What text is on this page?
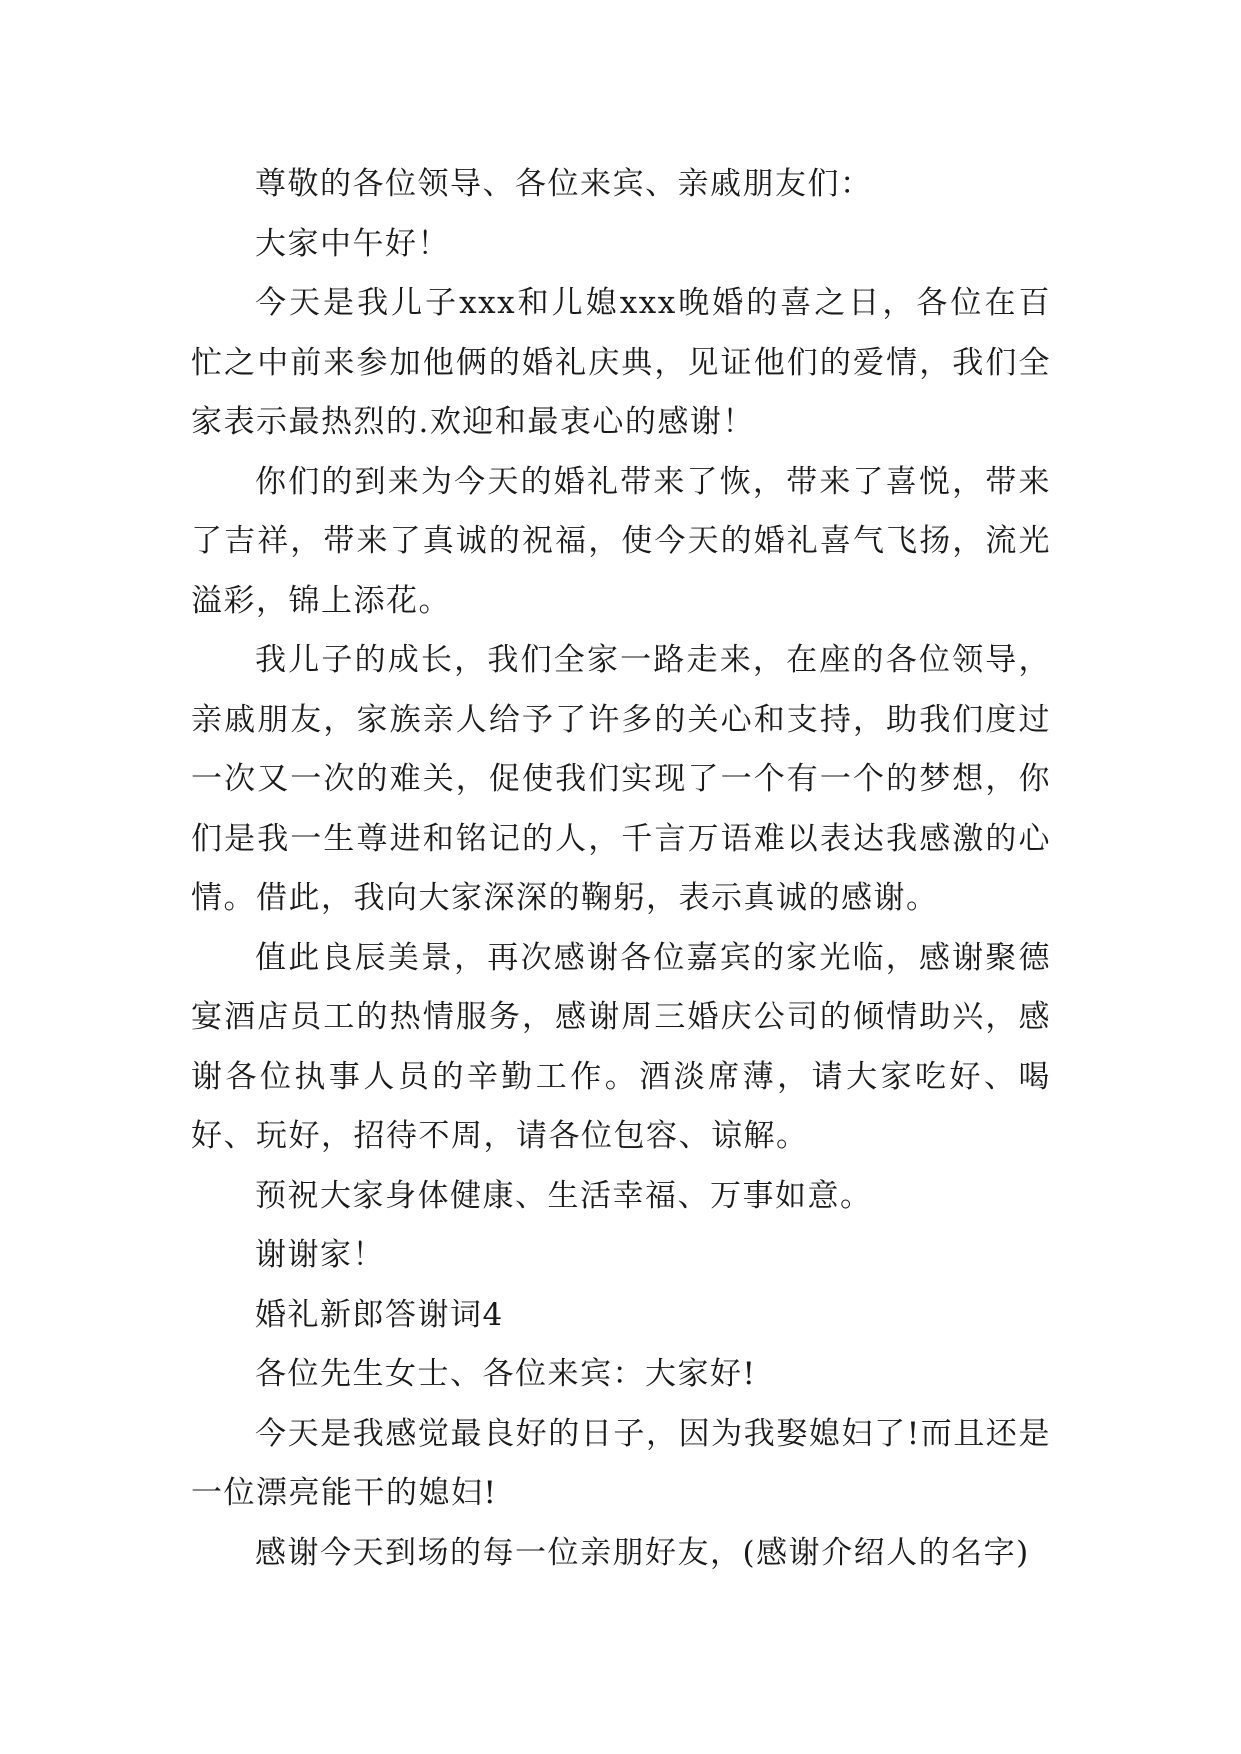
尊敬的各位领导、各位来宾、亲戚朋友们：

大家中午好！

今天是我儿子xxx和儿媳xxx晚婚的喜之日，各位在百忙之中前来参加他俩的婚礼庆典，见证他们的爱情，我们全家表示最热烈的.欢迎和最衷心的感谢！

你们的到来为今天的婚礼带来了恢，带来了喜悦，带来了吉祥，带来了真诚的祝福，使今天的婚礼喜气飞扬，流光溢彩，锦上添花。

我儿子的成长，我们全家一路走来，在座的各位领导，亲戚朋友，家族亲人给予了许多的关心和支持，助我们度过一次又一次的难关，促使我们实现了一个有一个的梦想，你们是我一生尊进和铭记的人，千言万语难以表达我感激的心情。借此，我向大家深深的鞠躬，表示真诚的感谢。

值此良辰美景，再次感谢各位嘉宾的家光临，感谢聚德宴酒店员工的热情服务，感谢周三婚庆公司的倾情助兴，感谢各位执事人员的辛勤工作。酒淡席薄，请大家吃好、喝好、玩好，招待不周，请各位包容、谅解。

预祝大家身体健康、生活幸福、万事如意。

谢谢家！

婚礼新郎答谢词4

各位先生女士、各位来宾：大家好!

今天是我感觉最良好的日子，因为我娶媳妇了!而且还是一位漂亮能干的媳妇!

感谢今天到场的每一位亲朋好友，(感谢介绍人的名字)
